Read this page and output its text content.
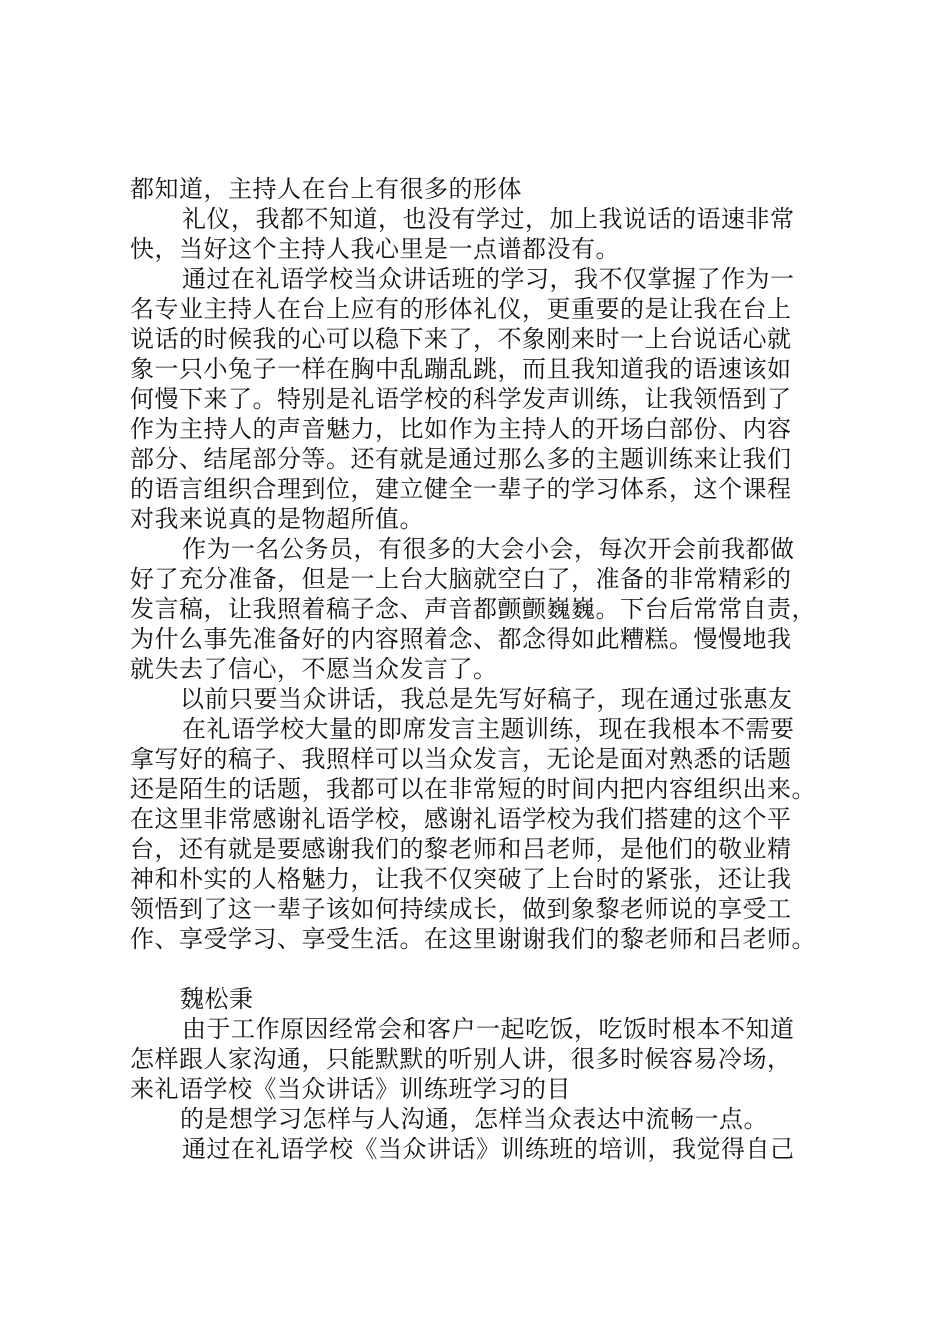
都知道，主持人在台上有很多的形体
礼仪，我都不知道，也没有学过，加上我说话的语速非常
快，当好这个主持人我心里是一点谱都没有。
通过在礼语学校当众讲话班的学习，我不仅掌握了作为一
名专业主持人在台上应有的形体礼仪，更重要的是让我在台上
说话的时候我的心可以稳下来了，不象刚来时一上台说话心就
象一只小兔子一样在胸中乱蹦乱跳，而且我知道我的语速该如
何慢下来了。特别是礼语学校的科学发声训练，让我领悟到了
作为主持人的声音魅力，比如作为主持人的开场白部份、内容
部分、结尾部分等。还有就是通过那么多的主题训练来让我们
的语言组织合理到位，建立健全一辈子的学习体系，这个课程
对我来说真的是物超所值。
作为一名公务员，有很多的大会小会，每次开会前我都做
好了充分准备，但是一上台大脑就空白了，准备的非常精彩的
发言稿，让我照着稿子念、声音都颤颤巍巍。下台后常常自责，
为什么事先准备好的内容照着念、都念得如此糟糕。慢慢地我
就失去了信心，不愿当众发言了。
以前只要当众讲话，我总是先写好稿子，现在通过张惠友
在礼语学校大量的即席发言主题训练，现在我根本不需要
拿写好的稿子、我照样可以当众发言，无论是面对熟悉的话题
还是陌生的话题，我都可以在非常短的时间内把内容组织出来。
在这里非常感谢礼语学校，感谢礼语学校为我们搭建的这个平
台，还有就是要感谢我们的黎老师和吕老师，是他们的敬业精
神和朴实的人格魅力，让我不仅突破了上台时的紧张，还让我
领悟到了这一辈子该如何持续成长，做到象黎老师说的享受工
作、享受学习、享受生活。在这里谢谢我们的黎老师和吕老师。
魏松秉
由于工作原因经常会和客户一起吃饭，吃饭时根本不知道
怎样跟人家沟通，只能默默的听别人讲，很多时候容易冷场，
来礼语学校《当众讲话》训练班学习的目
的是想学习怎样与人沟通，怎样当众表达中流畅一点。
通过在礼语学校《当众讲话》训练班的培训，我觉得自己
